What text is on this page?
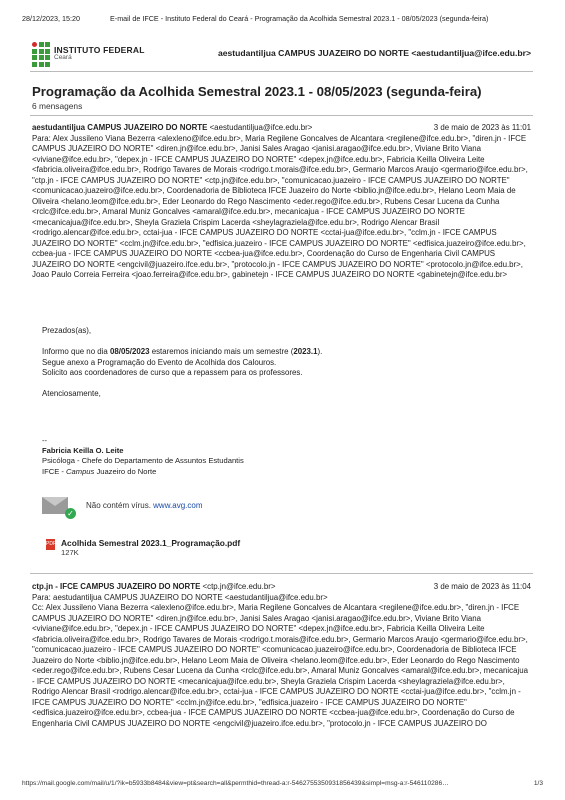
28/12/2023, 15:20	E-mail de IFCE - Instituto Federal do Ceará - Programação da Acolhida Semestral 2023.1 - 08/05/2023 (segunda-feira)
INSTITUTO FEDERAL
Ceará	aestudantiljua CAMPUS JUAZEIRO DO NORTE <aestudantiljua@ifce.edu.br>
Programação da Acolhida Semestral 2023.1 - 08/05/2023 (segunda-feira)
6 mensagens
aestudantiljua CAMPUS JUAZEIRO DO NORTE <aestudantiljua@ifce.edu.br>	3 de maio de 2023 às 11:01
Para: Alex Jussileno Viana Bezerra <alexleno@ifce.edu.br>, Maria Regilene Goncalves de Alcantara <regilene@ifce.edu.br>, "diren.jn - IFCE CAMPUS JUAZEIRO DO NORTE" <diren.jn@ifce.edu.br>, Janisi Sales Aragao <janisi.aragao@ifce.edu.br>, Viviane Brito Viana <viviane@ifce.edu.br>, "depex.jn - IFCE CAMPUS JUAZEIRO DO NORTE" <depex.jn@ifce.edu.br>, Fabricia Keilla Oliveira Leite <fabricia.oliveira@ifce.edu.br>, Rodrigo Tavares de Morais <rodrigo.t.morais@ifce.edu.br>, Germario Marcos Araujo <germario@ifce.edu.br>, "ctp.jn - IFCE CAMPUS JUAZEIRO DO NORTE" <ctp.jn@ifce.edu.br>, "comunicacao.juazeiro - IFCE CAMPUS JUAZEIRO DO NORTE" <comunicacao.juazeiro@ifce.edu.br>, Coordenadoria de Biblioteca IFCE Juazeiro do Norte <biblio.jn@ifce.edu.br>, Helano Leom Maia de Oliveira <helano.leom@ifce.edu.br>, Eder Leonardo do Rego Nascimento <eder.rego@ifce.edu.br>, Rubens Cesar Lucena da Cunha <rclc@ifce.edu.br>, Amaral Muniz Goncalves <amaral@ifce.edu.br>, mecanicajua - IFCE CAMPUS JUAZEIRO DO NORTE <mecanicajua@ifce.edu.br>, Sheyla Graziela Crispim Lacerda <sheylagraziela@ifce.edu.br>, Rodrigo Alencar Brasil <rodrigo.alencar@ifce.edu.br>, cctai-jua - IFCE CAMPUS JUAZEIRO DO NORTE <cctai-jua@ifce.edu.br>, "cclm.jn - IFCE CAMPUS JUAZEIRO DO NORTE" <cclm.jn@ifce.edu.br>, "edfisica.juazeiro - IFCE CAMPUS JUAZEIRO DO NORTE" <edfisica.juazeiro@ifce.edu.br>, ccbea-jua - IFCE CAMPUS JUAZEIRO DO NORTE <ccbea-jua@ifce.edu.br>, Coordenação do Curso de Engenharia Civil CAMPUS JUAZEIRO DO NORTE <engcivil@juazeiro.ifce.edu.br>, "protocolo.jn - IFCE CAMPUS JUAZEIRO DO NORTE" <protocolo.jn@ifce.edu.br>, Joao Paulo Correia Ferreira <joao.ferreira@ifce.edu.br>, gabinetejn - IFCE CAMPUS JUAZEIRO DO NORTE <gabinetejn@ifce.edu.br>
Prezados(as),
Informo que no dia 08/05/2023 estaremos iniciando mais um semestre (2023.1).
Segue anexo a Programação do Evento de Acolhida dos Calouros.
Solicito aos coordenadores de curso que a repassem para os professores.
Atenciosamente,
--
Fabricia Keilla O. Leite
Psicóloga - Chefe do Departamento de Assuntos Estudantis
IFCE - Campus Juazeiro do Norte
✓
Não contém vírus.
www.avg.com
PDF Acolhida Semestral 2023.1_Programação.pdf
127K
ctp.jn - IFCE CAMPUS JUAZEIRO DO NORTE <ctp.jn@ifce.edu.br>	3 de maio de 2023 às 11:04
Para: aestudantiljua CAMPUS JUAZEIRO DO NORTE <aestudantiljua@ifce.edu.br>
Cc: Alex Jussileno Viana Bezerra <alexleno@ifce.edu.br>, Maria Regilene Goncalves de Alcantara <regilene@ifce.edu.br>, "diren.jn - IFCE CAMPUS JUAZEIRO DO NORTE" <diren.jn@ifce.edu.br>, Janisi Sales Aragao <janisi.aragao@ifce.edu.br>, Viviane Brito Viana <viviane@ifce.edu.br>, "depex.jn - IFCE CAMPUS JUAZEIRO DO NORTE" <depex.jn@ifce.edu.br>, Fabricia Keilla Oliveira Leite <fabricia.oliveira@ifce.edu.br>, Rodrigo Tavares de Morais <rodrigo.t.morais@ifce.edu.br>, Germario Marcos Araujo <germario@ifce.edu.br>, "comunicacao.juazeiro - IFCE CAMPUS JUAZEIRO DO NORTE" <comunicacao.juazeiro@ifce.edu.br>, Coordenadoria de Biblioteca IFCE Juazeiro do Norte <biblio.jn@ifce.edu.br>, Helano Leom Maia de Oliveira <helano.leom@ifce.edu.br>, Eder Leonardo do Rego Nascimento <eder.rego@ifce.edu.br>, Rubens Cesar Lucena da Cunha <rclc@ifce.edu.br>, Amaral Muniz Goncalves <amaral@ifce.edu.br>, mecanicajua - IFCE CAMPUS JUAZEIRO DO NORTE <mecanicajua@ifce.edu.br>, Sheyla Graziela Crispim Lacerda <sheylagraziela@ifce.edu.br>, Rodrigo Alencar Brasil <rodrigo.alencar@ifce.edu.br>, cctai-jua - IFCE CAMPUS JUAZEIRO DO NORTE <cctai-jua@ifce.edu.br>, "cclm.jn - IFCE CAMPUS JUAZEIRO DO NORTE" <cclm.jn@ifce.edu.br>, "edfisica.juazeiro - IFCE CAMPUS JUAZEIRO DO NORTE" <edfisica.juazeiro@ifce.edu.br>, ccbea-jua - IFCE CAMPUS JUAZEIRO DO NORTE <ccbea-jua@ifce.edu.br>, Coordenação do Curso de Engenharia Civil CAMPUS JUAZEIRO DO NORTE <engcivil@juazeiro.ifce.edu.br>, "protocolo.jn - IFCE CAMPUS JUAZEIRO DO
https://mail.google.com/mail/u/1/?ik=b5933b8484&view=pt&search=all&permthid=thread-a:r-5462755350931856439&simpl=msg-a:r-546110286…	1/3
